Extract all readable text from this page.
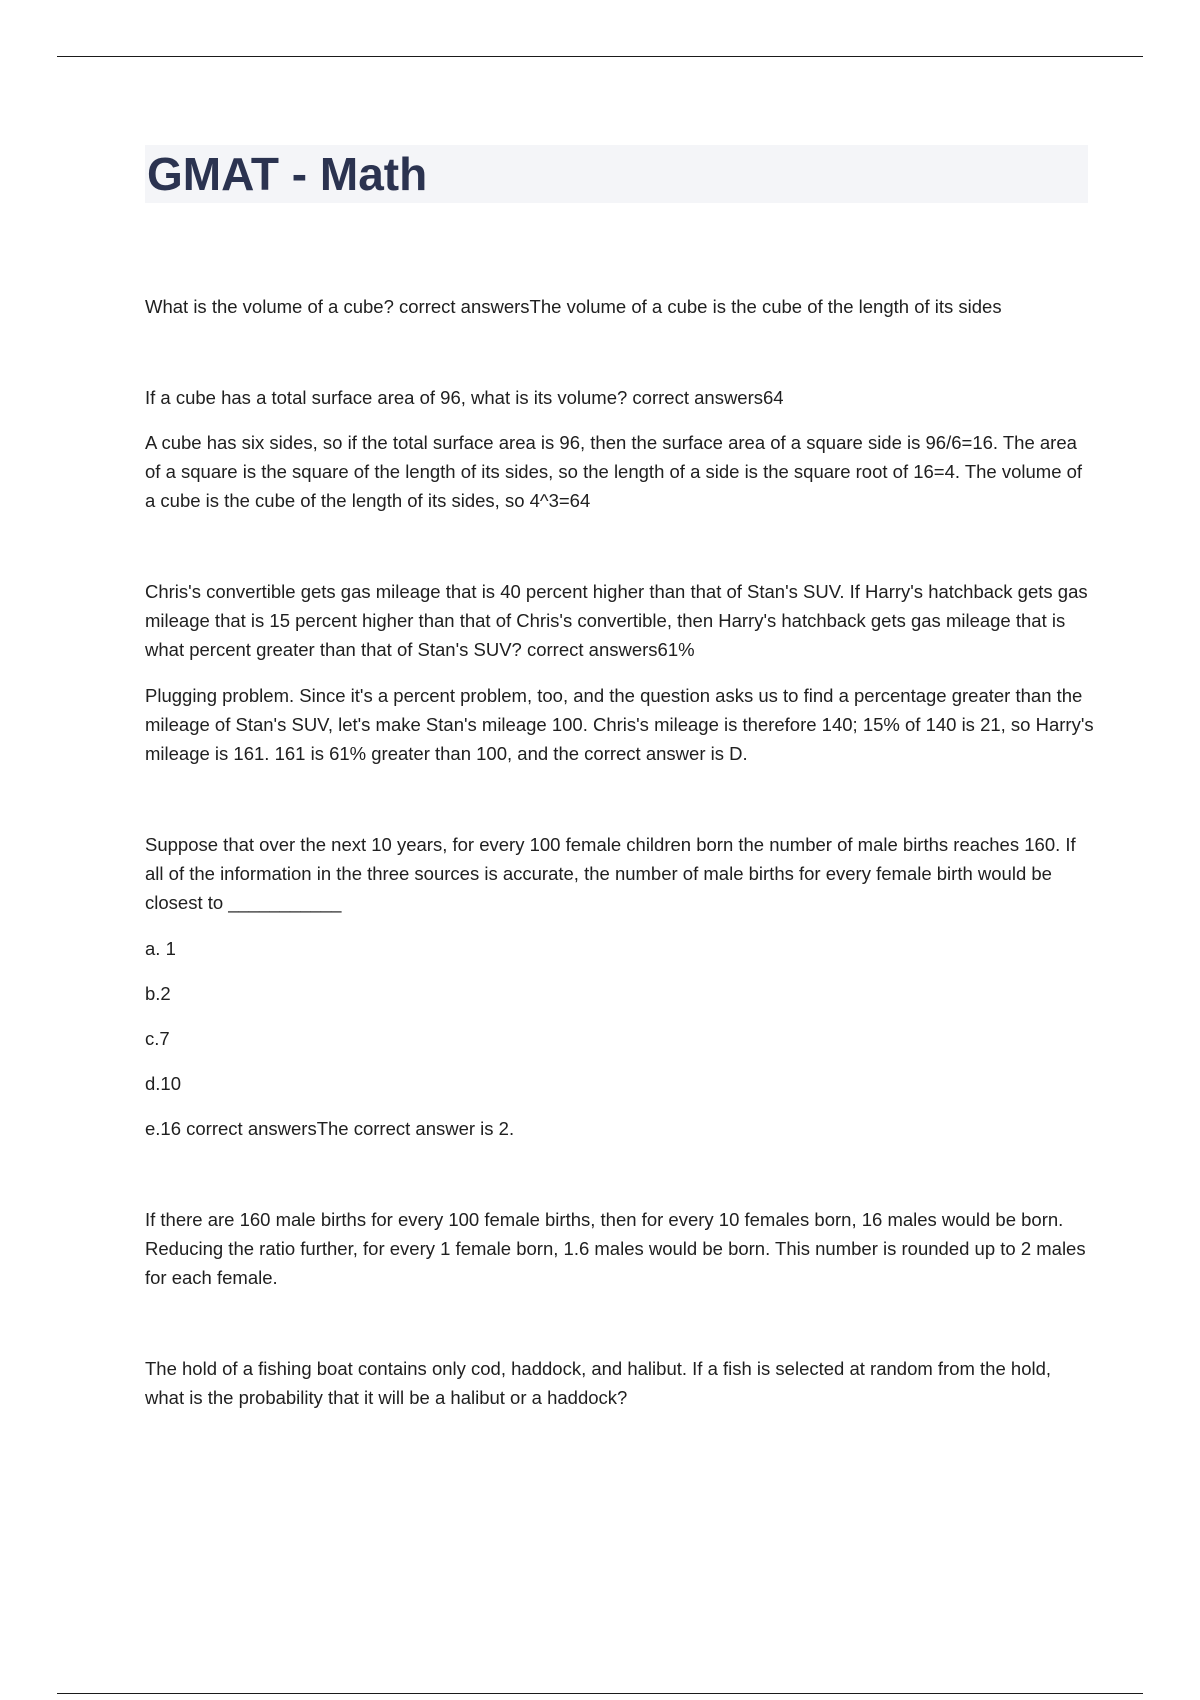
GMAT - Math

What is the volume of a cube? correct answersThe volume of a cube is the cube of the length of its sides

If a cube has a total surface area of 96, what is its volume? correct answers64

A cube has six sides, so if the total surface area is 96, then the surface area of a square side is 96/6=16. The area of a square is the square of the length of its sides, so the length of a side is the square root of 16=4. The volume of a cube is the cube of the length of its sides, so 4^3=64

Chris's convertible gets gas mileage that is 40 percent higher than that of Stan's SUV. If Harry's hatchback gets gas mileage that is 15 percent higher than that of Chris's convertible, then Harry's hatchback gets gas mileage that is what percent greater than that of Stan's SUV? correct answers61%

Plugging problem. Since it's a percent problem, too, and the question asks us to find a percentage greater than the mileage of Stan's SUV, let's make Stan's mileage 100. Chris's mileage is therefore 140; 15% of 140 is 21, so Harry's mileage is 161. 161 is 61% greater than 100, and the correct answer is D.

Suppose that over the next 10 years, for every 100 female children born the number of male births reaches 160. If all of the information in the three sources is accurate, the number of male births for every female birth would be closest to ___________

a. 1

b.2

c.7

d.10

e.16 correct answersThe correct answer is 2.

If there are 160 male births for every 100 female births, then for every 10 females born, 16 males would be born. Reducing the ratio further, for every 1 female born, 1.6 males would be born. This number is rounded up to 2 males for each female.

The hold of a fishing boat contains only cod, haddock, and halibut. If a fish is selected at random from the hold, what is the probability that it will be a halibut or a haddock?
